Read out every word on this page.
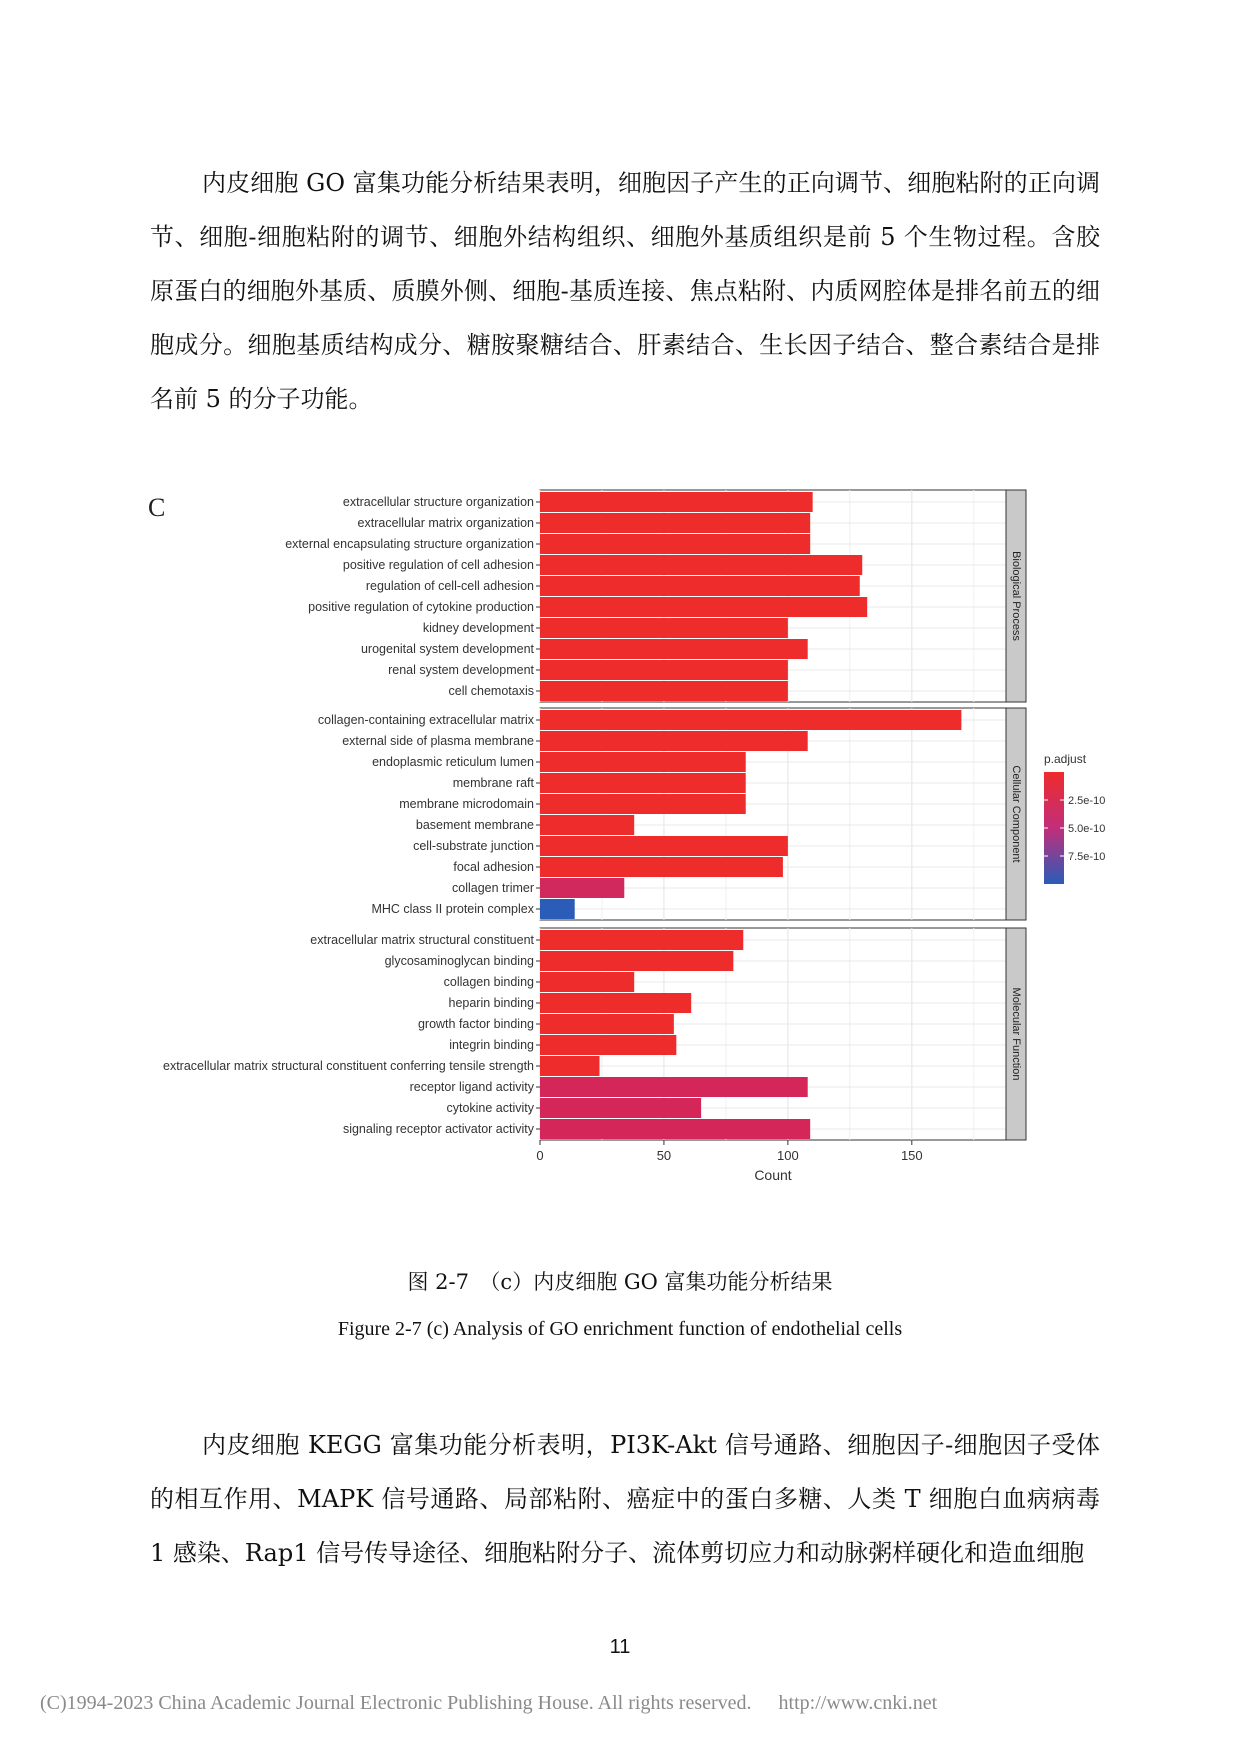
内皮细胞 GO 富集功能分析结果表明，细胞因子产生的正向调节、细胞粘附的正向调节、细胞-细胞粘附的调节、细胞外结构组织、细胞外基质组织是前 5 个生物过程。含胶原蛋白的细胞外基质、质膜外侧、细胞-基质连接、焦点粘附、内质网腔体是排名前五的细胞成分。细胞基质结构成分、糖胺聚糖结合、肝素结合、生长因子结合、整合素结合是排名前 5 的分子功能。

C	extracellular structure organization
extracellular matrix organization
external encapsulating structure organization
positive regulation of cell adhesion
regulation of cell-cell adhesion
positive regulation of cytokine production
kidney development
urogenital system development
renal system development
cell chemotaxis
Biological Process
collagen-containing extracellular matrix
external side of plasma membrane
endoplasmic reticulum lumen
membrane raft
membrane microdomain
basement membrane
cell-substrate junction
focal adhesion
collagen trimer
MHC class II protein complex
Cellular Component
extracellular matrix structural constituent
glycosaminoglycan binding
collagen binding
heparin binding
growth factor binding
integrin binding
extracellular matrix structural constituent conferring tensile strength
receptor ligand activity
cytokine activity
signaling receptor activator activity
Molecular Function
0	50	100	150
Count
p.adjust
2.5e-10
5.0e-10
7.5e-10

图 2-7　（c）内皮细胞 GO 富集功能分析结果

Figure 2-7 (c) Analysis of GO enrichment function of endothelial cells

内皮细胞 KEGG 富集功能分析表明，PI3K-Akt 信号通路、细胞因子-细胞因子受体的相互作用、MAPK 信号通路、局部粘附、癌症中的蛋白多糖、人类 T 细胞白血病病毒 1 感染、Rap1 信号传导途径、细胞粘附分子、流体剪切应力和动脉粥样硬化和造血细胞

11
(C)1994-2023 China Academic Journal Electronic Publishing House. All rights reserved. http://www.cnki.net
